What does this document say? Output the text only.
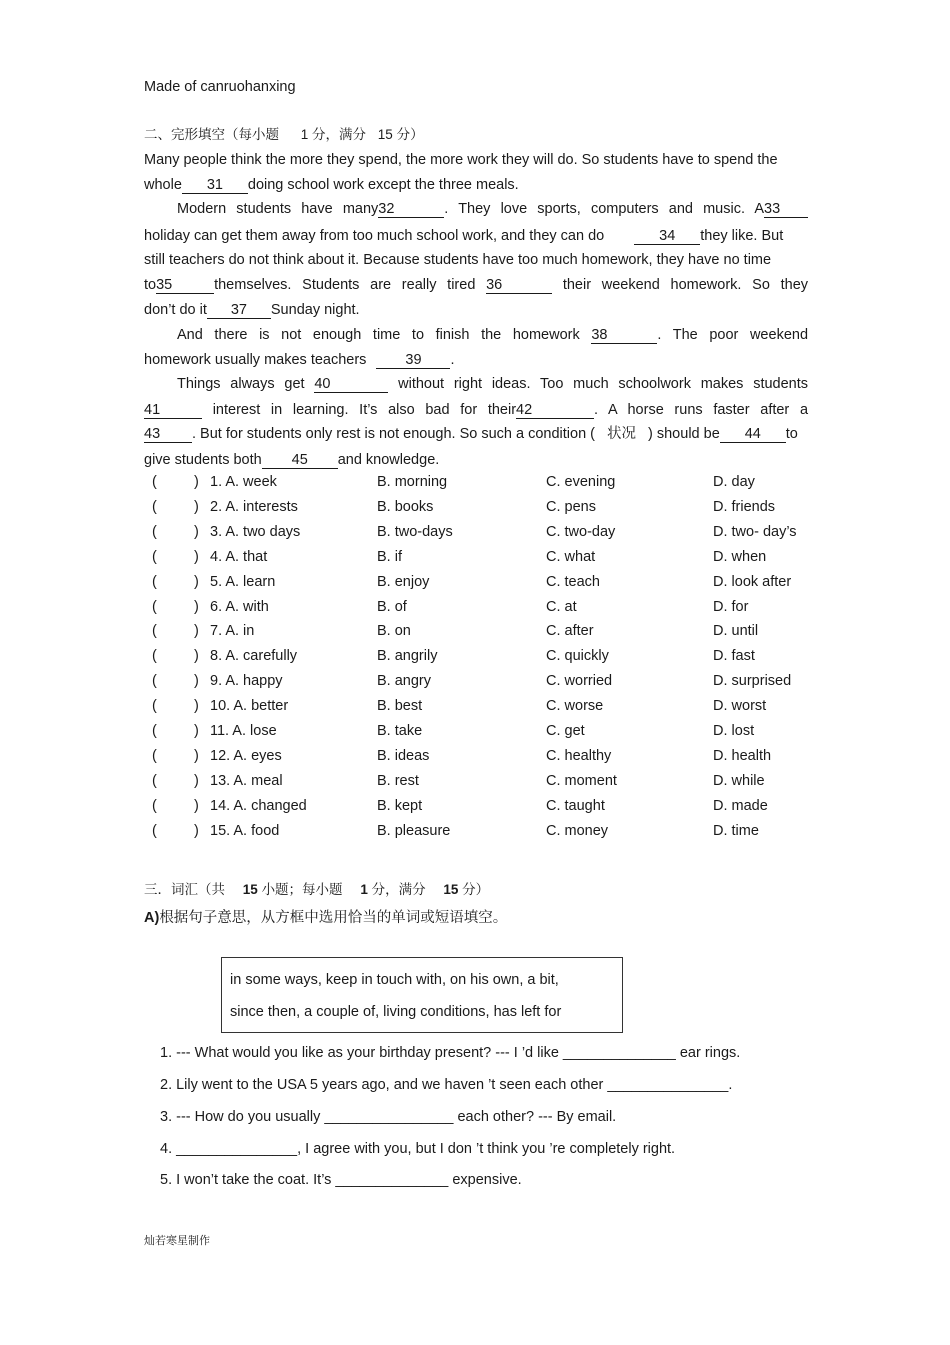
Made of canruohanxing
二、完形填空（每小题 1 分，满分 15 分）
Many people think the more they spend, the more work they will do. So students have to spend the
whole 31 doing school work except the three meals.
Modern students have many32	. They love sports, computers and music. A33
holiday can get them away from too much school work, and they can do	34 they like. But
still teachers do not think about it. Because students have too much homework, they have no time
to35	themselves. Students are really tired 36	their weekend homework. So they
don’t do it 37 Sunday night.
And there is not enough time to finish the homework 38	. The poor weekend
homework usually makes teachers	39 .
Things always get 40	without right ideas. Too much schoolwork makes students
41	interest in learning. It’s also bad for their42	. A horse runs faster after a
43 . But for students only rest is not enough. So such a condition ( 状况 ) should be 44 to
give students both 45 and knowledge.
(	) 1. A. week	B. morning	C. evening	D. day
(	) 2. A. interests	B. books	C. pens	D. friends
(	) 3. A. two days	B. two-days	C. two-day	D. two- day’s
(	) 4. A. that	B. if	C. what	D. when
(	) 5. A. learn	B. enjoy	C. teach	D. look after
(	) 6. A. with	B. of	C. at	D. for
(	) 7. A. in	B. on	C. after	D. until
(	) 8. A. carefully	B. angrily	C. quickly	D. fast
(	) 9. A. happy	B. angry	C. worried	D. surprised
(	) 10. A. better	B. best	C. worse	D. worst
(	) 11. A. lose	B. take	C. get	D. lost
(	) 12. A. eyes	B. ideas	C. healthy	D. health
(	) 13. A. meal	B. rest	C. moment	D. while
(	) 14. A. changed	B. kept	C. taught	D. made
(	) 15. A. food	B. pleasure	C. money	D. time
三．词汇（共 15 小题；每小题 1 分，满分 15 分）
A)根据句子意思，从方框中选用恰当的单词或短语填空。
in some ways, keep in touch with, on his own, a bit,
since then, a couple of, living conditions, has left for
1. --- What would you like as your birthday present? --- I ’d like ______________ ear rings.
2. Lily went to the USA 5 years ago, and we haven ’t seen each other _______________.
3. --- How do you usually ________________ each other? --- By email.
4. _______________, I agree with you, but I don ’t think you ’re completely right.
5. I won’t take the coat. It’s ______________ expensive.
灿若寒星制作
